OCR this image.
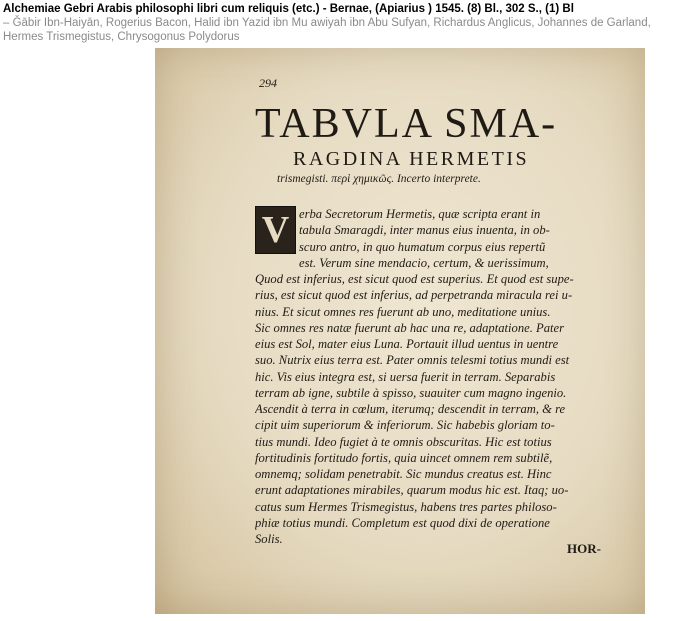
Alchemiae Gebri Arabis philosophi libri cum reliquis (etc.) - Bernae, (Apiarius ) 1545. (8) Bl., 302 S., (1) Bl
– Ǧābir Ibn-Haiyān, Rogerius Bacon, Halid ibn Yazid ibn Mu awiyah ibn Abu Sufyan, Richardus Anglicus, Johannes de Garland, Hermes Trismegistus, Chrysogonus Polydorus
294
TABVLA SMA-
RAGDINA HERMETIS
trismegisti. περὶ χημικῶς. Incerto interprete.
V erba Secretorum Hermetis, quæ scripta erant in
tabula Smaragdi, inter manus eius inuenta, in ob-
scuro antro, in quo humatum corpus eius repertũ
est. Verum sine mendacio, certum, & uerissimum,
Quod est inferius, est sicut quod est superius. Et quod est supe-
rius, est sicut quod est inferius, ad perpetranda miracula rei u-
nius. Et sicut omnes res fuerunt ab uno, meditatione unius.
Sic omnes res natæ fuerunt ab hac una re, adaptatione. Pater
eius est Sol, mater eius Luna. Portauit illud uentus in uentre
suo. Nutrix eius terra est. Pater omnis telesmi totius mundi est
hic. Vis eius integra est, si uersa fuerit in terram. Separabis
terram ab igne, subtile à spisso, suauiter cum magno ingenio.
Ascendit à terra in cœlum, iterumq; descendit in terram, & re
cipit uim superiorum & inferiorum. Sic habebis gloriam to-
tius mundi. Ideo fugiet à te omnis obscuritas. Hic est totius
fortitudinis fortitudo fortis, quia uincet omnem rem subtilẽ,
omnemq; solidam penetrabit. Sic mundus creatus est. Hinc
erunt adaptationes mirabiles, quarum modus hic est. Itaq; uo-
catus sum Hermes Trismegistus, habens tres partes philoso-
phiæ totius mundi. Completum est quod dixi de operatione
Solis.
HOR-
